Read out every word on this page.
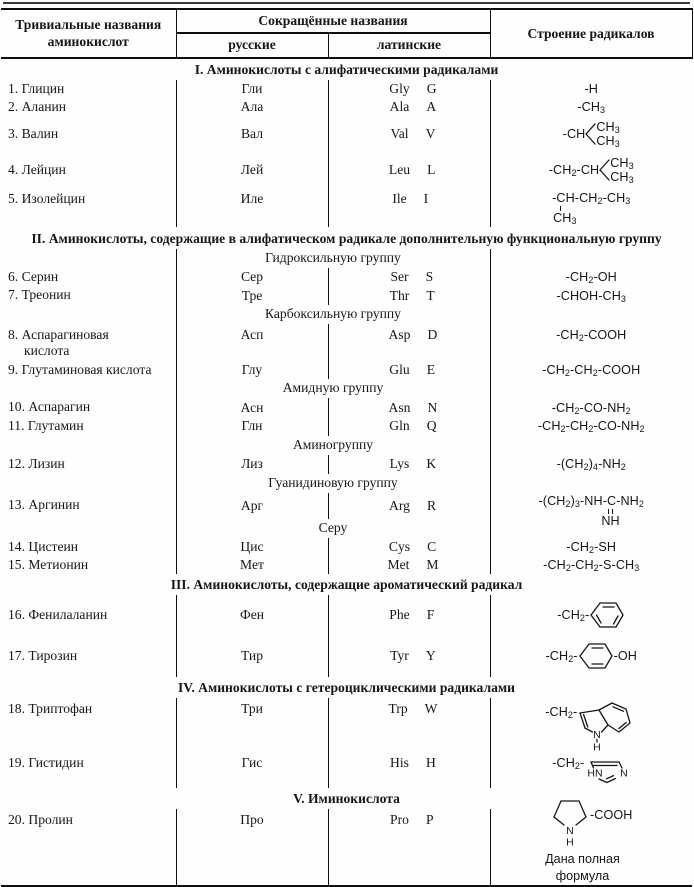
Тривиальные названия аминокислот	Сокращённые названия		Строение радикалов
	русские	латинские	
I. Аминокислоты с алифатическими радикалами			
1. Глицин	Гли	Gly G	-H
2. Аланин	Ала	Ala A	$-CH_3$
3. Валин	Вал	Val V	-CH
$CH_3$
$CH_3$

4. Лейцин	Лей	Leu L	$-CH_2-CH$
$CH_3$
$CH_3$

5. Изолейцин	Иле	Ile I	$-CH-CH_2-CH_3$
$CH_3$

II. Аминокислоты, содержащие в алифатическом радикале дополнительную функциональную группу			
	Гидроксильную группу		
6. Серин	Сер	Ser S	$-CH_2-OH$
7. Треонин	Тре	Thr T	$-CHOH-CH_3$
	Карбоксильную группу		
8. Аспарагиновая
кислота	Асп	Asp D	$-CH_2$-COOH
9. Глутаминовая кислота	Глу	Glu E	$-CH_2-CH_2$-COOH
	Амидную группу		
10. Аспарагин	Асн	Asn N	$-CH_2-CO-NH_2$
11. Глутамин	Глн	Gln Q	$-CH_2-CH_2-CO-NH_2$
	Аминогруппу		
12. Лизин	Лиз	Lys K	$-(CH_2)_4-NH_2$
	Гуанидиновую группу		
13. Аргинин	Арг	Arg R	$-(CH_2)_3-NH-C-NH_2$
NH

	Серу		
14. Цистеин	Цис	Cys C	$-CH_2-SH$
15. Метионин	Мет	Met M	$-CH_2-CH_2-S-CH_3$
III. Аминокислоты, содержащие ароматический радикал			
16. Фенилаланин	Фен	Phe F	$-CH_2-$

17. Тирозин	Тир	Tyr Y	$-CH_2-$ -OH

IV. Аминокислоты с гетероциклическими радикалами			
18. Триптофан	Три	Trp W	$-CH_2-$
N
H

19. Гистидин	Гис	His H	$-CH_2-$
HN N

V. Иминокислота			
20. Пролин	Про	Pro P	N
H
-COOH
Дана полная формула
